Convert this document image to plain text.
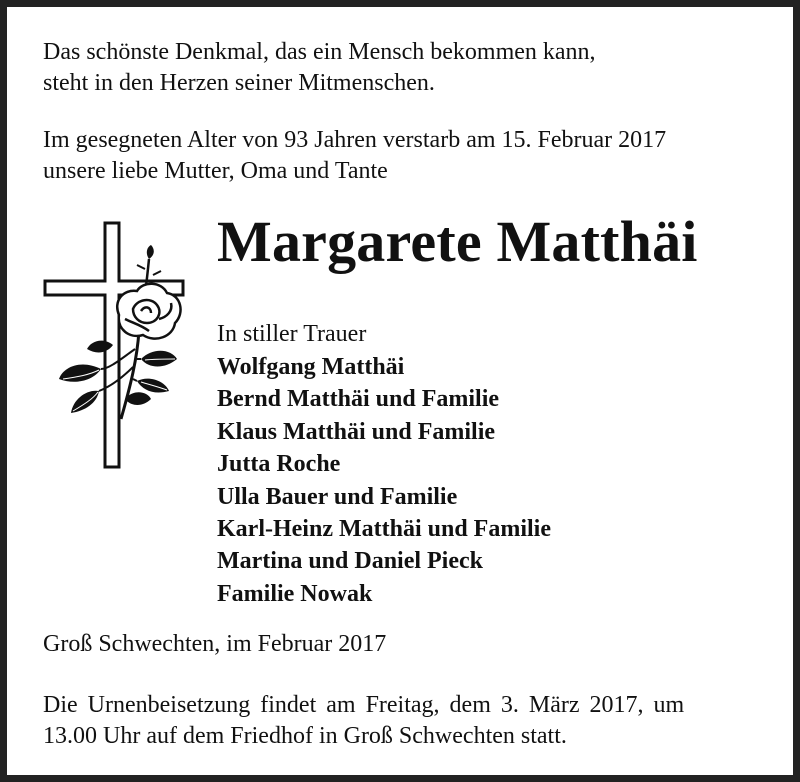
Das schönste Denkmal, das ein Mensch bekommen kann,
steht in den Herzen seiner Mitmenschen.
Im gesegneten Alter von 93 Jahren verstarb am 15. Februar 2017
unsere liebe Mutter, Oma und Tante
Margarete Matthäi
In stiller Trauer
Wolfgang Matthäi
Bernd Matthäi und Familie
Klaus Matthäi und Familie
Jutta Roche
Ulla Bauer und Familie
Karl-Heinz Matthäi und Familie
Martina und Daniel Pieck
Familie Nowak
Groß Schwechten, im Februar 2017
Die Urnenbeisetzung findet am Freitag, dem 3. März 2017, um
13.00 Uhr auf dem Friedhof in Groß Schwechten statt.
